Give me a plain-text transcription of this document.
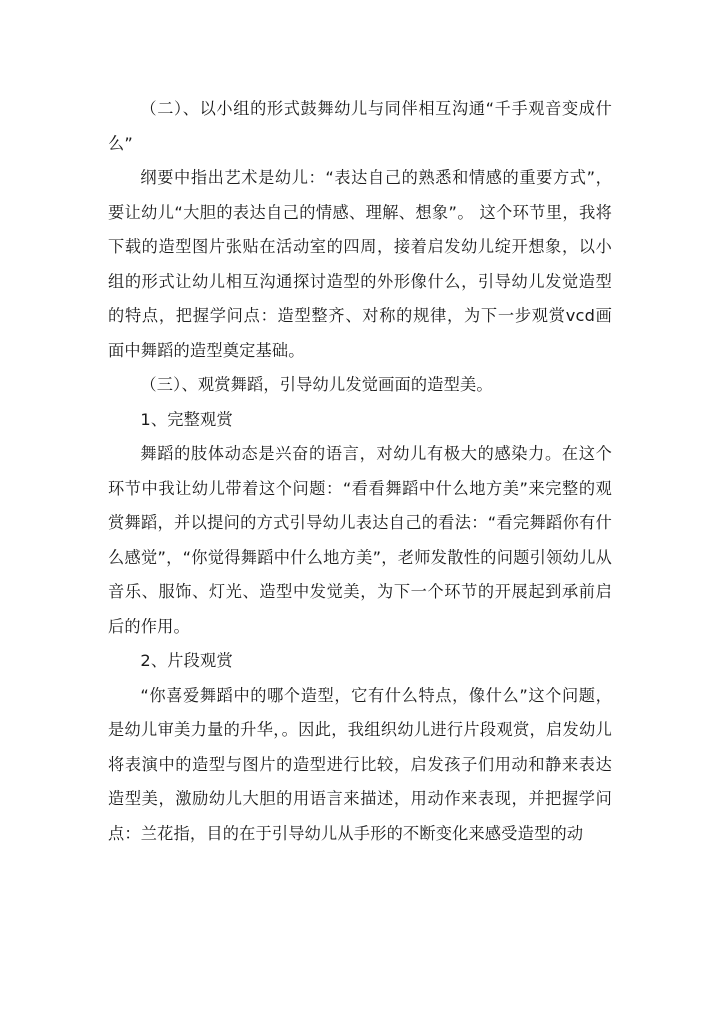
（二）、以小组的形式鼓舞幼儿与同伴相互沟通“千手观音变成什么”

纲要中指出艺术是幼儿：“表达自己的熟悉和情感的重要方式”，要让幼儿“大胆的表达自己的情感、理解、想象”。 这个环节里，我将下载的造型图片张贴在活动室的四周，接着启发幼儿绽开想象，以小组的形式让幼儿相互沟通探讨造型的外形像什么，引导幼儿发觉造型的特点，把握学问点：造型整齐、对称的规律，为下一步观赏vcd画面中舞蹈的造型奠定基础。

（三）、观赏舞蹈，引导幼儿发觉画面的造型美。

1、完整观赏

舞蹈的肢体动态是兴奋的语言，对幼儿有极大的感染力。在这个环节中我让幼儿带着这个问题：“看看舞蹈中什么地方美”来完整的观赏舞蹈，并以提问的方式引导幼儿表达自己的看法：“看完舞蹈你有什么感觉”，“你觉得舞蹈中什么地方美”，老师发散性的问题引领幼儿从音乐、服饰、灯光、造型中发觉美，为下一个环节的开展起到承前启后的作用。

2、片段观赏

“你喜爱舞蹈中的哪个造型，它有什么特点，像什么”这个问题，是幼儿审美力量的升华，。因此，我组织幼儿进行片段观赏，启发幼儿将表演中的造型与图片的造型进行比较，启发孩子们用动和静来表达造型美，激励幼儿大胆的用语言来描述，用动作来表现，并把握学问点：兰花指，目的在于引导幼儿从手形的不断变化来感受造型的动
